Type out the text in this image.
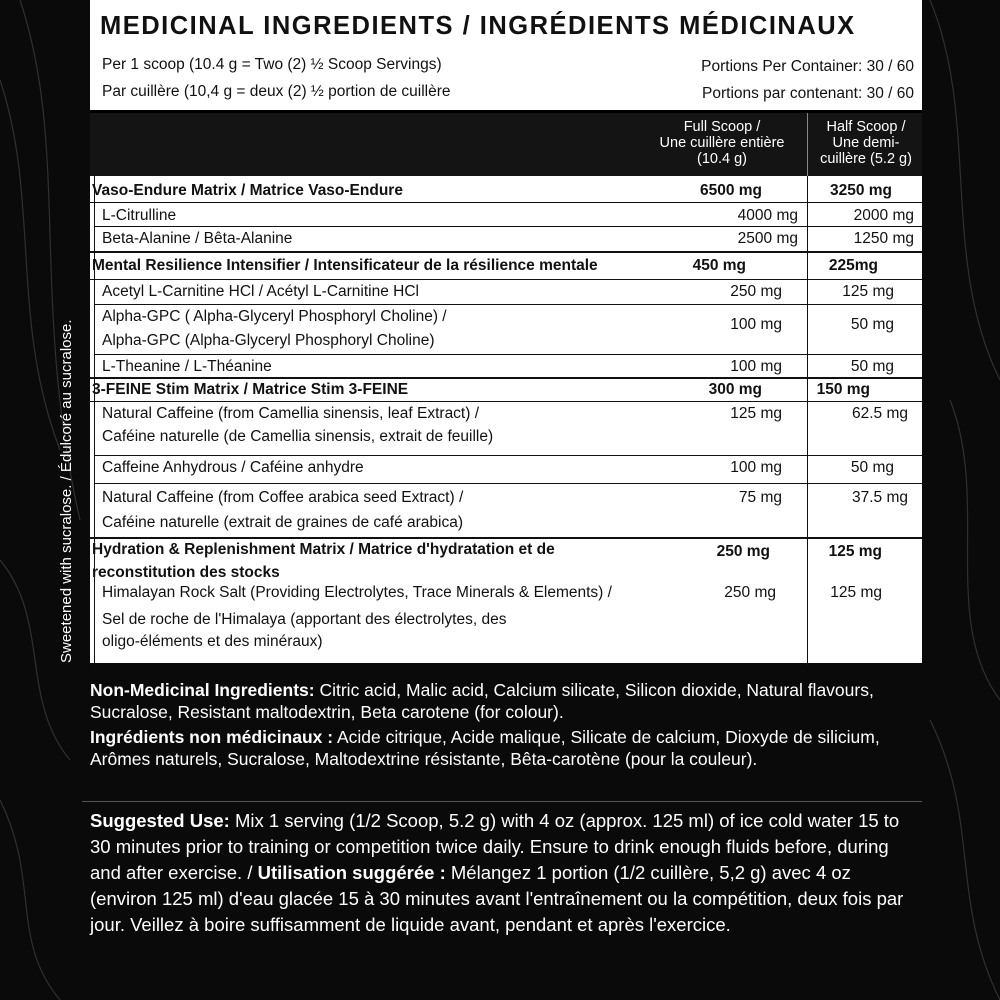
Sweetened with sucralose. / Édulcoré au sucralose.
MEDICINAL INGREDIENTS / INGRÉDIENTS MÉDICINAUX
Per 1 scoop (10.4 g = Two (2) ½ Scoop Servings)
Par cuillère (10,4 g = deux (2) ½ portion de cuillère
Portions Per Container: 30 / 60
Portions par contenant: 30 / 60
Full Scoop /
Une cuillère entière
(10.4 g)
Half Scoop /
Une demi-
cuillère (5.2 g)
Vaso-Endure Matrix / Matrice Vaso-Endure	6500 mg	3250 mg
L-Citrulline	4000 mg	2000 mg
Beta-Alanine / Bêta-Alanine	2500 mg	1250 mg
Mental Resilience Intensifier / Intensificateur de la résilience mentale	450 mg	225mg
Acetyl L-Carnitine HCl / Acétyl L-Carnitine HCl	250 mg	125 mg
Alpha-GPC ( Alpha-Glyceryl Phosphoryl Choline) /
Alpha-GPC (Alpha-Glyceryl Phosphoryl Choline)
100 mg	50 mg
L-Theanine / L-Théanine	100 mg	50 mg
3-FEINE Stim Matrix / Matrice Stim 3-FEINE	300 mg	150 mg
Natural Caffeine (from Camellia sinensis, leaf Extract) /
Caféine naturelle (de Camellia sinensis, extrait de feuille)
125 mg	62.5 mg
Caffeine Anhydrous / Caféine anhydre	100 mg	50 mg
Natural Caffeine (from Coffee arabica seed Extract) /
Caféine naturelle (extrait de graines de café arabica)
75 mg	37.5 mg
Hydration & Replenishment Matrix / Matrice d'hydratation et de
reconstitution des stocks
250 mg	125 mg
Himalayan Rock Salt (Providing Electrolytes, Trace Minerals & Elements) /
Sel de roche de l'Himalaya (apportant des électrolytes, des
oligo-éléments et des minéraux)
250 mg	125 mg
Non-Medicinal Ingredients: Citric acid, Malic acid, Calcium silicate, Silicon dioxide, Natural flavours, Sucralose, Resistant maltodextrin, Beta carotene (for colour).
Ingrédients non médicinaux : Acide citrique, Acide malique, Silicate de calcium, Dioxyde de silicium, Arômes naturels, Sucralose, Maltodextrine résistante, Bêta-carotène (pour la couleur).
Suggested Use: Mix 1 serving (1/2 Scoop, 5.2 g) with 4 oz (approx. 125 ml) of ice cold water 15 to 30 minutes prior to training or competition twice daily. Ensure to drink enough fluids before, during and after exercise. / Utilisation suggérée : Mélangez 1 portion (1/2 cuillère, 5,2 g) avec 4 oz (environ 125 ml) d'eau glacée 15 à 30 minutes avant l'entraînement ou la compétition, deux fois par jour. Veillez à boire suffisamment de liquide avant, pendant et après l'exercice.
